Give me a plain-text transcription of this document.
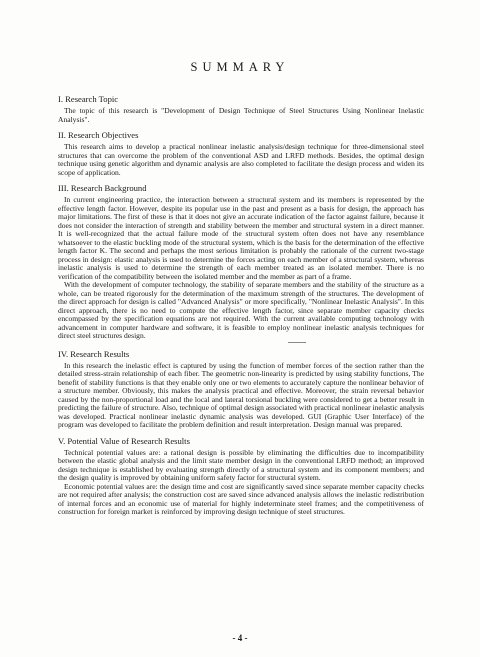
SUMMARY
I. Research Topic

The topic of this research is "Development of Design Technique of Steel Structures Using Nonlinear Inelastic Analysis".

II. Research Objectives

This research aims to develop a practical nonlinear inelastic analysis/design technique for three-dimensional steel structures that can overcome the problem of the conventional ASD and LRFD methods. Besides, the optimal design technique using genetic algorithm and dynamic analysis are also completed to facilitate the design process and widen its scope of application.

III. Research Background

In current engineering practice, the interaction between a structural system and its members is represented by the effective length factor. However, despite its popular use in the past and present as a basis for design, the approach has major limitations. The first of these is that it does not give an accurate indication of the factor against failure, because it does not consider the interaction of strength and stability between the member and structural system in a direct manner. It is well-recognized that the actual failure mode of the structural system often does not have any resemblance whatsoever to the elastic buckling mode of the structural system, which is the basis for the determination of the effective length factor K. The second and perhaps the most serious limitation is probably the rationale of the current two-stage process in design: elastic analysis is used to determine the forces acting on each member of a structural system, whereas inelastic analysis is used to determine the strength of each member treated as an isolated member. There is no verification of the compatibility between the isolated member and the member as part of a frame.

With the development of computer technology, the stability of separate members and the stability of the structure as a whole, can be treated rigorously for the determination of the maximum strength of the structures. The development of the direct approach for design is called "Advanced Analysis" or more specifically, "Nonlinear Inelastic Analysis". In this direct approach, there is no need to compute the effective length factor, since separate member capacity checks encompassed by the specification equations are not required. With the current available computing technology with advancement in computer hardware and software, it is feasible to employ nonlinear inelastic analysis techniques for direct steel structures design.

IV. Research Results

In this research the inelastic effect is captured by using the function of member forces of the section rather than the detailed stress-strain relationship of each fiber. The geometric non-linearity is predicted by using stability functions, The benefit of stability functions is that they enable only one or two elements to accurately capture the nonlinear behavior of a structure member. Obviously, this makes the analysis practical and effective. Moreover, the strain reversal behavior caused by the non-proportional load and the local and lateral torsional buckling were considered to get a better result in predicting the failure of structure. Also, technique of optimal design associated with practical nonlinear inelastic analysis was developed. Practical nonlinear inelastic dynamic analysis was developed. GUI (Graphic User Interface) of the program was developed to facilitate the problem definition and result interpretation. Design manual was prepared.

V. Potential Value of Research Results

Technical potential values are: a rational design is possible by eliminating the difficulties due to incompatibility between the elastic global analysis and the limit state member design in the conventional LRFD method; an improved design technique is established by evaluating strength directly of a structural system and its component members; and the design quality is improved by obtaining uniform safety factor for structural system.

Economic potential values are: the design time and cost are significantly saved since separate member capacity checks are not required after analysis; the construction cost are saved since advanced analysis allows the inelastic redistribution of internal forces and an economic use of material for highly indeterminate steel frames; and the competitiveness of construction for foreign market is reinforced by improving design technique of steel structures.

- 4 -
